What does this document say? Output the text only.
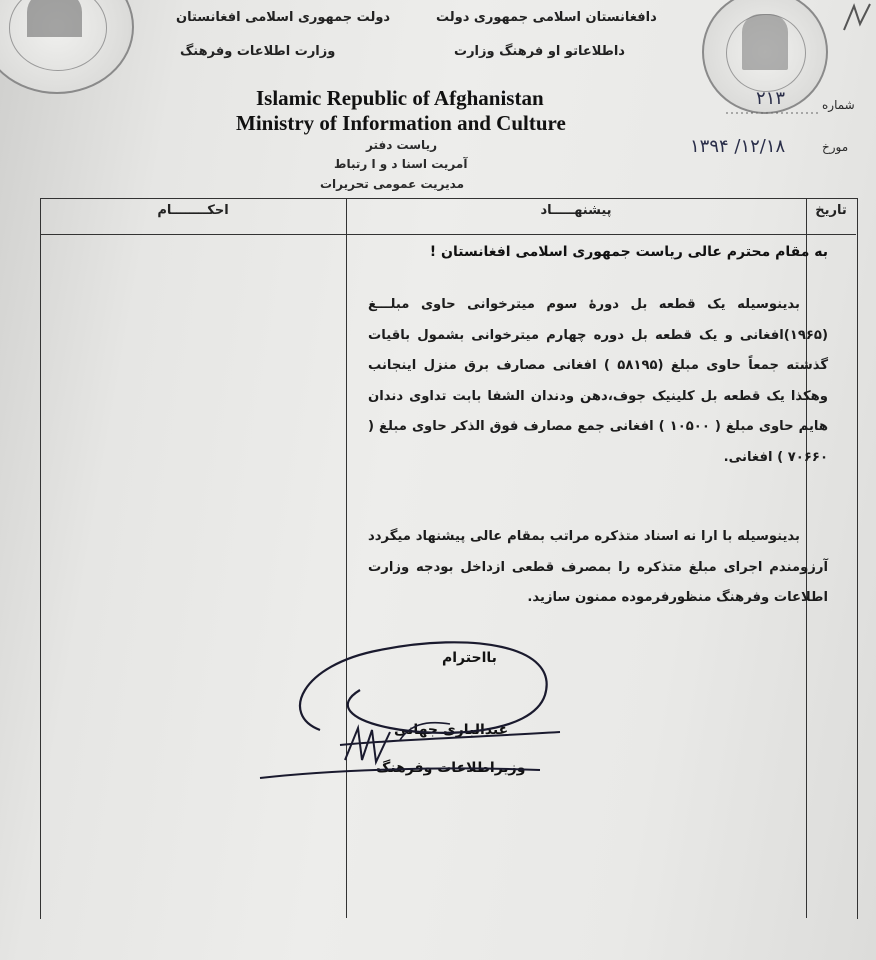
دافغانستان اسلامی جمهوری دولت
داطلاعاتو او فرهنگ وزارت
دولت جمهوری اسلامی افغانستان
وزارت اطلاعات وفرهنگ
Islamic Republic of Afghanistan
Ministry of Information and Culture
ریاست دفتر
آمریت اسنا د و ا رتباط
مدیریت عمومی تحریرات
شماره
۲۱۳
مورخ
۱۳۹۴ /۱۲/۱۸
تاریخ
پیشنهـــــاد
احکــــــــام
به مقام محترم عالی ریاست جمهوری اسلامی افغانستان !
بدینوسیله یک قطعه بل دورهٔ سوم میترخوانی حاوی مبلـــغ (۱۹۶۵)افغانی و یک قطعه بل دوره چهارم میترخوانی بشمول باقیات گذشته جمعاً حاوی مبلغ (۵۸۱۹۵ ) افغانی مصارف برق منزل اینجانب وهکذا یک قطعه بل کلینیک جوف،دهن ودندان الشفا بابت تداوی دندان هایم حاوی مبلغ ( ۱۰۵۰۰ ) افغانی جمع مصارف فوق الذکر حاوی مبلغ ( ۷۰۶۶۰ ) افغانی.
بدینوسیله با ارا نه اسناد متذکره مراتب بمقام عالی پیشنهاد میگردد آرزومندم اجرای مبلغ متذکره را بمصرف قطعی ازداخل بودجه وزارت اطلاعات وفرهنگ منظورفرموده ممنون سازید.
بااحترام
عبدالباری جهانی
وزیراطلاعات وفرهنگ
